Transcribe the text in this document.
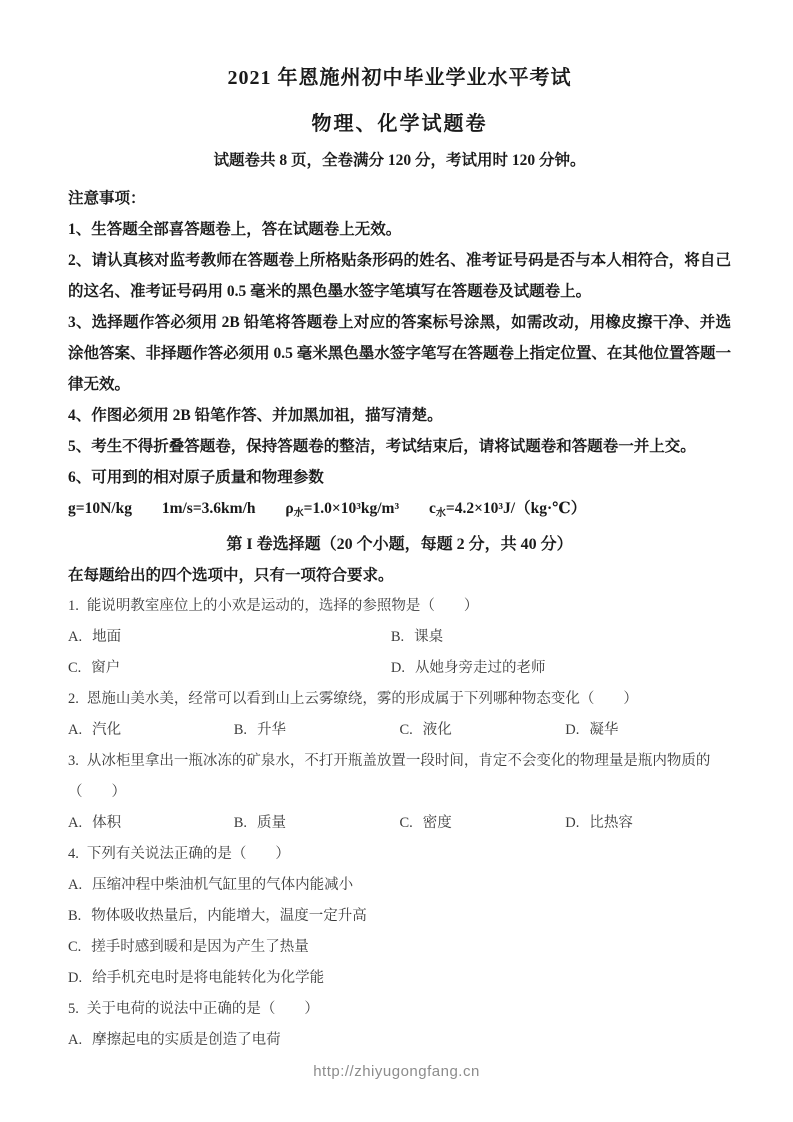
2021 年恩施州初中毕业学业水平考试
物理、化学试题卷

试题卷共 8 页，全卷满分 120 分，考试用时 120 分钟。

注意事项：

1、生答题全部喜答题卷上，答在试题卷上无效。

2、请认真核对监考教师在答题卷上所格贴条形码的姓名、准考证号码是否与本人相符合，将自己的这名、准考证号码用 0.5 毫米的黑色墨水签字笔填写在答题卷及试题卷上。

3、选择题作答必须用 2B 铅笔将答题卷上对应的答案标号涂黑，如需改动，用橡皮擦干净、并选涂他答案、非择题作答必须用 0.5 毫米黑色墨水签字笔写在答题卷上指定位置、在其他位置答题一律无效。

4、作图必须用 2B 铅笔作答、并加黑加祖，描写清楚。

5、考生不得折叠答题卷，保持答题卷的整洁，考试结束后，请将试题卷和答题卷一并上交。

6、可用到的相对原子质量和物理参数

g=10N/kg 1m/s=3.6km/h $\rho_水=1.0\times 10^3kg/m^3$ $c_水=4.2\times 10^3J/(kg\cdot℃)$

第 I 卷选择题（20 个小题，每题 2 分，共 40 分）

在每题给出的四个选项中，只有一项符合要求。

1. 能说明教室座位上的小欢是运动的，选择的参照物是（　　）

A. 地面	B. 课桌

C. 窗户	D. 从她身旁走过的老师

2. 恩施山美水美，经常可以看到山上云雾缭绕，雾的形成属于下列哪种物态变化（　　）

A. 汽化	B. 升华	C. 液化	D. 凝华

3. 从冰柜里拿出一瓶冰冻的矿泉水，不打开瓶盖放置一段时间，肯定不会变化的物理量是瓶内物质的（　　）

A. 体积	B. 质量	C. 密度	D. 比热容

4. 下列有关说法正确的是（　　）

A. 压缩冲程中柴油机气缸里的气体内能减小

B. 物体吸收热量后，内能增大，温度一定升高

C. 搓手时感到暖和是因为产生了热量

D. 给手机充电时是将电能转化为化学能

5. 关于电荷的说法中正确的是（　　）

A. 摩擦起电的实质是创造了电荷

http://zhiyugongfang.cn
